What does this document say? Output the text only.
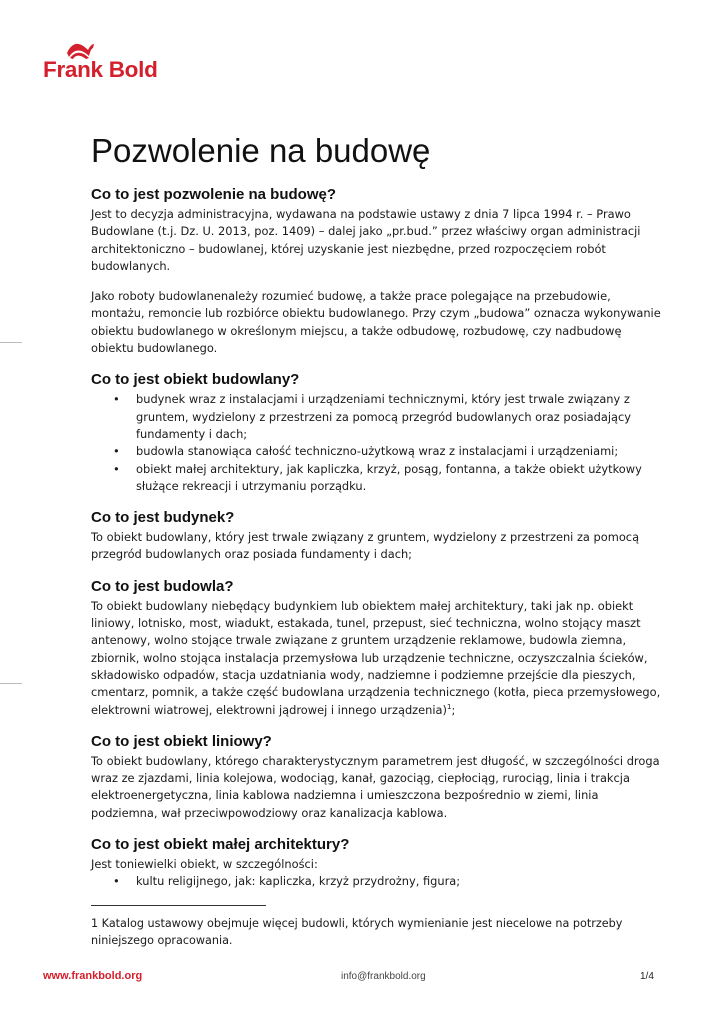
Frank Bold
Pozwolenie na budowę
Co to jest pozwolenie na budowę?

Jest to decyzja administracyjna, wydawana na podstawie ustawy z dnia 7 lipca 1994 r. – Prawo Budowlane (t.j. Dz. U. 2013, poz. 1409) – dalej jako „pr.bud.” przez właściwy organ administracji architektoniczno – budowlanej, której uzyskanie jest niezbędne, przed rozpoczęciem robót budowlanych.

Jako roboty budowlanenależy rozumieć budowę, a także prace polegające na przebudowie, montażu, remoncie lub rozbiórce obiektu budowlanego. Przy czym „budowa” oznacza wykonywanie obiektu budowlanego w określonym miejscu, a także odbudowę, rozbudowę, czy nadbudowę obiektu budowlanego.

Co to jest obiekt budowlany?
• budynek wraz z instalacjami i urządzeniami technicznymi, który jest trwale związany z gruntem, wydzielony z przestrzeni za pomocą przegród budowlanych oraz posiadający fundamenty i dach;
• budowla stanowiąca całość techniczno-użytkową wraz z instalacjami i urządzeniami;
• obiekt małej architektury, jak kapliczka, krzyż, posąg, fontanna, a także obiekt użytkowy służące rekreacji i utrzymaniu porządku.
Co to jest budynek?

To obiekt budowlany, który jest trwale związany z gruntem, wydzielony z przestrzeni za pomocą przegród budowlanych oraz posiada fundamenty i dach;

Co to jest budowla?

To obiekt budowlany niebędący budynkiem lub obiektem małej architektury, taki jak np. obiekt liniowy, lotnisko, most, wiadukt, estakada, tunel, przepust, sieć techniczna, wolno stojący maszt antenowy, wolno stojące trwale związane z gruntem urządzenie reklamowe, budowla ziemna, zbiornik, wolno stojąca instalacja przemysłowa lub urządzenie techniczne, oczyszczalnia ścieków, składowisko odpadów, stacja uzdatniania wody, nadziemne i podziemne przejście dla pieszych, cmentarz, pomnik, a także część budowlana urządzenia technicznego (kotła, pieca przemysłowego, elektrowni wiatrowej, elektrowni jądrowej i innego urządzenia)$^1$;

Co to jest obiekt liniowy?

To obiekt budowlany, którego charakterystycznym parametrem jest długość, w szczególności droga wraz ze zjazdami, linia kolejowa, wodociąg, kanał, gazociąg, ciepłociąg, rurociąg, linia i trakcja elektroenergetyczna, linia kablowa nadziemna i umieszczona bezpośrednio w ziemi, linia podziemna, wał przeciwpowodziowy oraz kanalizacja kablowa.

Co to jest obiekt małej architektury?

Jest toniewielki obiekt, w szczególności:

• kultu religijnego, jak: kapliczka, krzyż przydrożny, figura;

1 Katalog ustawowy obejmuje więcej budowli, których wymienianie jest niecelowe na potrzeby niniejszego opracowania.

www.frankbold.org	info@frankbold.org	1/4
